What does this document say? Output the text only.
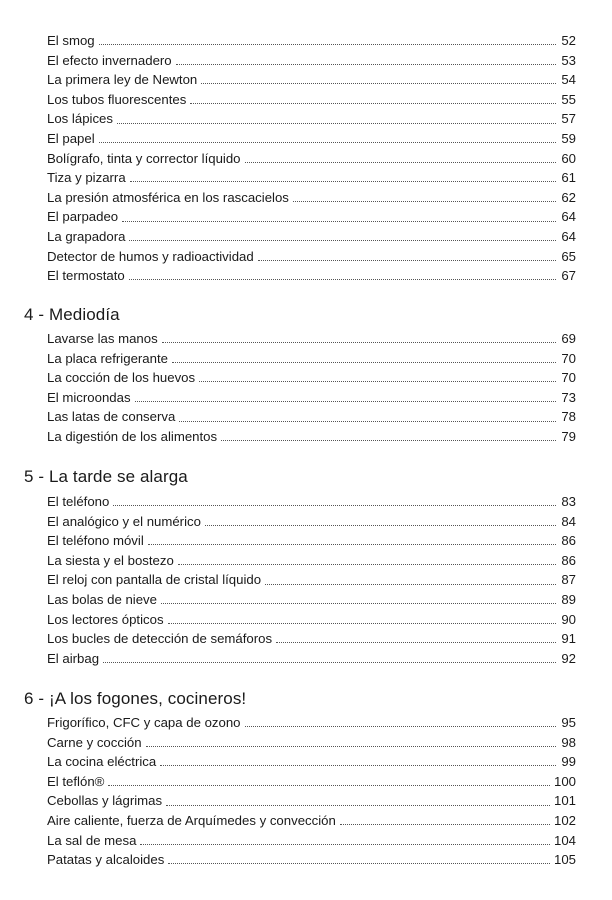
El smog	52
El efecto invernadero	53
La primera ley de Newton	54
Los tubos fluorescentes	55
Los lápices	57
El papel	59
Bolígrafo, tinta y corrector líquido	60
Tiza y pizarra	61
La presión atmosférica en los rascacielos	62
El parpadeo	64
La grapadora	64
Detector de humos y radioactividad	65
El termostato	67
4 - Mediodía
Lavarse las manos	69
La placa refrigerante	70
La cocción de los huevos	70
El microondas	73
Las latas de conserva	78
La digestión de los alimentos	79
5 - La tarde se alarga
El teléfono	83
El analógico y el numérico	84
El teléfono móvil	86
La siesta y el bostezo	86
El reloj con pantalla de cristal líquido	87
Las bolas de nieve	89
Los lectores ópticos	90
Los bucles de detección de semáforos	91
El airbag	92
6 - ¡A los fogones, cocineros!
Frigorífico, CFC y capa de ozono	95
Carne y cocción	98
La cocina eléctrica	99
El teflón®	100
Cebollas y lágrimas	101
Aire caliente, fuerza de Arquímedes y convección	102
La sal de mesa	104
Patatas y alcaloides	105
